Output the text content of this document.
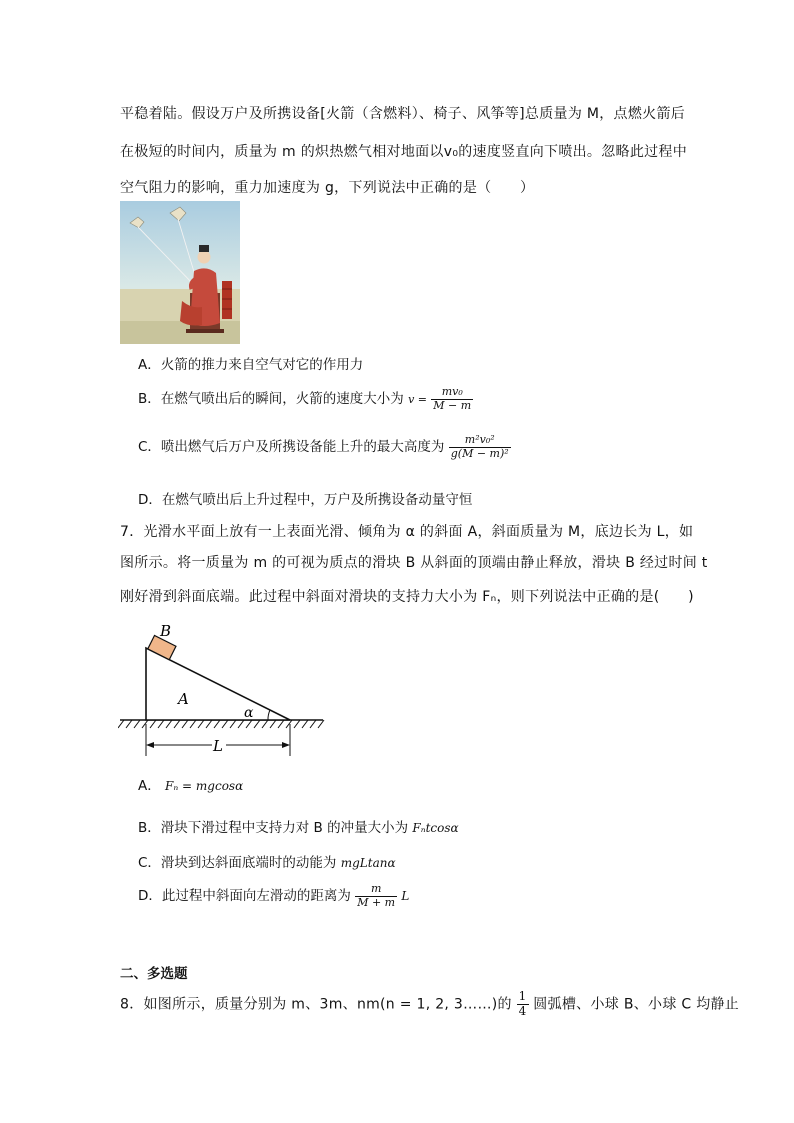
平稳着陆。假设万户及所携设备[火箭（含燃料）、椅子、风筝等]总质量为 M，点燃火箭后
在极短的时间内，质量为 m 的炽热燃气相对地面以v₀的速度竖直向下喷出。忽略此过程中
空气阻力的影响，重力加速度为 g，下列说法中正确的是（　　）
A．火箭的推力来自空气对它的作用力
B．在燃气喷出后的瞬间，火箭的速度大小为 $v = \frac{\text{mv₀}}{M - m}$
C．喷出燃气后万户及所携设备能上升的最大高度为 $\frac{\text{m²v₀²}}{\text{g(M − m)²}}$
D．在燃气喷出后上升过程中，万户及所携设备动量守恒
7．光滑水平面上放有一上表面光滑、倾角为 α 的斜面 A，斜面质量为 M，底边长为 L，如
图所示。将一质量为 m 的可视为质点的滑块 B 从斜面的顶端由静止释放，滑块 B 经过时间 t
刚好滑到斜面底端。此过程中斜面对滑块的支持力大小为 Fₙ，则下列说法中正确的是(　　)
B
A
α
L
A． Fₙ = mgcosα
B．滑块下滑过程中支持力对 B 的冲量大小为 Fₙtcosα
C．滑块到达斜面底端时的动能为 mgLtanα
D．此过程中斜面向左滑动的距离为 $\frac{m}{M + m}$ L
二、多选题
8．如图所示，质量分别为 m、3m、nm(n = 1, 2, 3……)的 $\frac{1}{4}$ 圆弧槽、小球 B、小球 C 均静止
